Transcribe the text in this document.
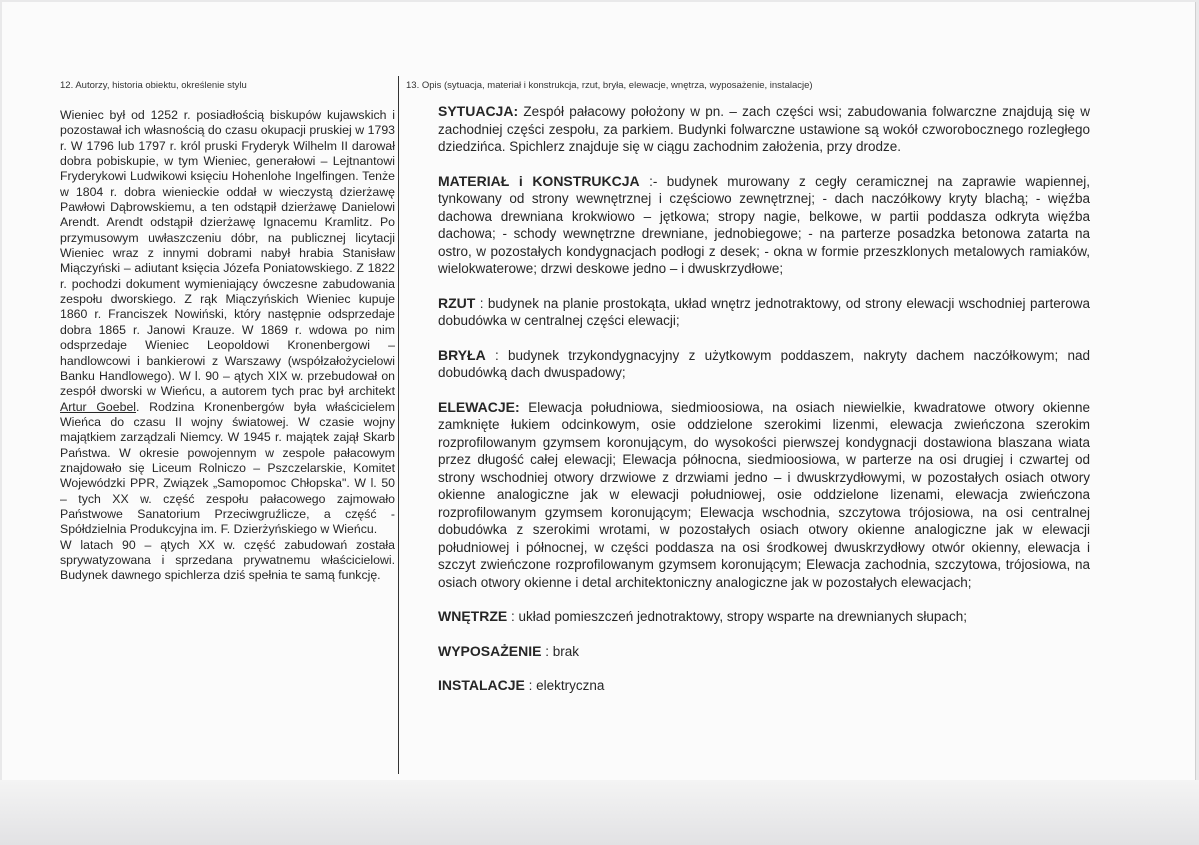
12. Autorzy, historia obiektu, określenie stylu	13. Opis (sytuacja, materiał i konstrukcja, rzut, bryła, elewacje, wnętrza, wyposażenie, instalacje)

Wieniec był od 1252 r. posiadłością biskupów kujawskich i pozostawał ich własnością do czasu okupacji pruskiej w 1793 r. W 1796 lub 1797 r. król pruski Fryderyk Wilhelm II darował dobra pobiskupie, w tym Wieniec, generałowi – Lejtnantowi Fryderykowi Ludwikowi księciu Hohenlohe Ingelfingen. Tenże w 1804 r. dobra wienieckie oddał w wieczystą dzierżawę Pawłowi Dąbrowskiemu, a ten odstąpił dzierżawę Danielowi Arendt. Arendt odstąpił dzierżawę Ignacemu Kramlitz. Po przymusowym uwłaszczeniu dóbr, na publicznej licytacji Wieniec wraz z innymi dobrami nabył hrabia Stanisław Miączyński – adiutant księcia Józefa Poniatowskiego. Z 1822 r. pochodzi dokument wymieniający ówczesne zabudowania zespołu dworskiego. Z rąk Miączyńskich Wieniec kupuje 1860 r. Franciszek Nowiński, który następnie odsprzedaje dobra 1865 r. Janowi Krauze. W 1869 r. wdowa po nim odsprzedaje Wieniec Leopoldowi Kronenbergowi – handlowcowi i bankierowi z Warszawy (współzałożycielowi Banku Handlowego). W l. 90 – ątych XIX w. przebudował on zespół dworski w Wieńcu, a autorem tych prac był architekt Artur Goebel. Rodzina Kronenbergów była właścicielem Wieńca do czasu II wojny światowej. W czasie wojny majątkiem zarządzali Niemcy. W 1945 r. majątek zajął Skarb Państwa. W okresie powojennym w zespole pałacowym znajdowało się Liceum Rolniczo – Pszczelarskie, Komitet Wojewódzki PPR, Związek „Samopomoc Chłopska". W l. 50 – tych XX w. część zespołu pałacowego zajmowało Państwowe Sanatorium Przeciwgruźlicze, a część - Spółdzielnia Produkcyjna im. F. Dzierżyńskiego w Wieńcu.

W latach 90 – ątych XX w. część zabudowań została sprywatyzowana i sprzedana prywatnemu właścicielowi. Budynek dawnego spichlerza dziś spełnia te samą funkcję.

SYTUACJA: Zespół pałacowy położony w pn. – zach części wsi; zabudowania folwarczne znajdują się w zachodniej części zespołu, za parkiem. Budynki folwarczne ustawione są wokół czworobocznego rozległego dziedzińca. Spichlerz znajduje się w ciągu zachodnim założenia, przy drodze.

MATERIAŁ i KONSTRUKCJA :- budynek murowany z cegły ceramicznej na zaprawie wapiennej, tynkowany od strony wewnętrznej i częściowo zewnętrznej; - dach naczółkowy kryty blachą; - więźba dachowa drewniana krokwiowo – jętkowa; stropy nagie, belkowe, w partii poddasza odkryta więźba dachowa; - schody wewnętrzne drewniane, jednobiegowe; - na parterze posadzka betonowa zatarta na ostro, w pozostałych kondygnacjach podłogi z desek; - okna w formie przeszklonych metalowych ramiaków, wielokwaterowe; drzwi deskowe jedno – i dwuskrzydłowe;

RZUT : budynek na planie prostokąta, układ wnętrz jednotraktowy, od strony elewacji wschodniej parterowa dobudówka w centralnej części elewacji;

BRYŁA : budynek trzykondygnacyjny z użytkowym poddaszem, nakryty dachem naczółkowym; nad dobudówką dach dwuspadowy;

ELEWACJE: Elewacja południowa, siedmioosiowa, na osiach niewielkie, kwadratowe otwory okienne zamknięte łukiem odcinkowym, osie oddzielone szerokimi lizenmi, elewacja zwieńczona szerokim rozprofilowanym gzymsem koronującym, do wysokości pierwszej kondygnacji dostawiona blaszana wiata przez długość całej elewacji; Elewacja północna, siedmioosiowa, w parterze na osi drugiej i czwartej od strony wschodniej otwory drzwiowe z drzwiami jedno – i dwuskrzydłowymi, w pozostałych osiach otwory okienne analogiczne jak w elewacji południowej, osie oddzielone lizenami, elewacja zwieńczona rozprofilowanym gzymsem koronującym; Elewacja wschodnia, szczytowa trójosiowa, na osi centralnej dobudówka z szerokimi wrotami, w pozostałych osiach otwory okienne analogiczne jak w elewacji południowej i północnej, w części poddasza na osi środkowej dwuskrzydłowy otwór okienny, elewacja i szczyt zwieńczone rozprofilowanym gzymsem koronującym; Elewacja zachodnia, szczytowa, trójosiowa, na osiach otwory okienne i detal architektoniczny analogiczne jak w pozostałych elewacjach;

WNĘTRZE : układ pomieszczeń jednotraktowy, stropy wsparte na drewnianych słupach;

WYPOSAŻENIE : brak

INSTALACJE : elektryczna
